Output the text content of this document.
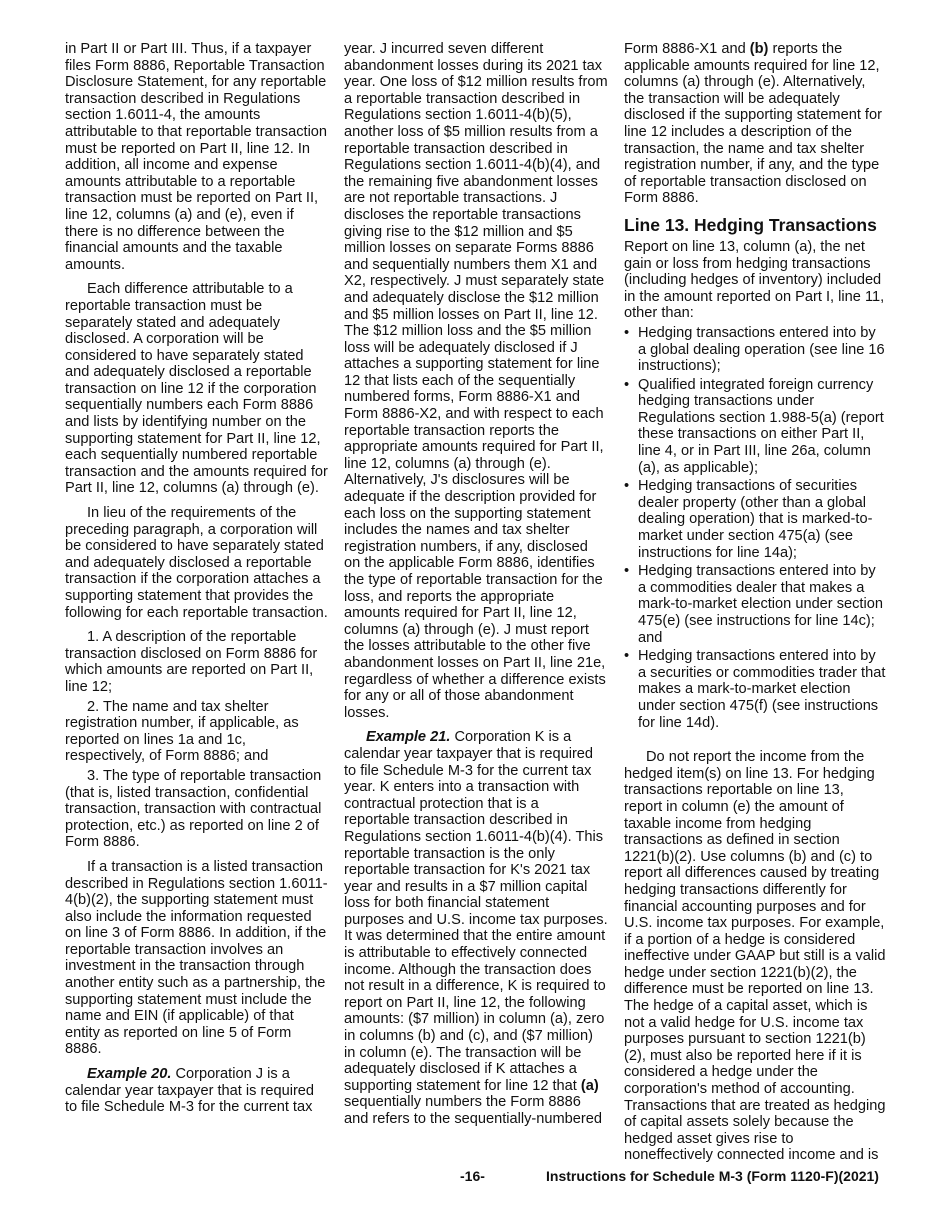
in Part II or Part III. Thus, if a taxpayer files Form 8886, Reportable Transaction Disclosure Statement, for any reportable transaction described in Regulations section 1.6011-4, the amounts attributable to that reportable transaction must be reported on Part II, line 12. In addition, all income and expense amounts attributable to a reportable transaction must be reported on Part II, line 12, columns (a) and (e), even if there is no difference between the financial amounts and the taxable amounts.

Each difference attributable to a reportable transaction must be separately stated and adequately disclosed. A corporation will be considered to have separately stated and adequately disclosed a reportable transaction on line 12 if the corporation sequentially numbers each Form 8886 and lists by identifying number on the supporting statement for Part II, line 12, each sequentially numbered reportable transaction and the amounts required for Part II, line 12, columns (a) through (e).

In lieu of the requirements of the preceding paragraph, a corporation will be considered to have separately stated and adequately disclosed a reportable transaction if the corporation attaches a supporting statement that provides the following for each reportable transaction.

1. A description of the reportable transaction disclosed on Form 8886 for which amounts are reported on Part II, line 12;

2. The name and tax shelter registration number, if applicable, as reported on lines 1a and 1c, respectively, of Form 8886; and

3. The type of reportable transaction (that is, listed transaction, confidential transaction, transaction with contractual protection, etc.) as reported on line 2 of Form 8886.

If a transaction is a listed transaction described in Regulations section 1.6011-4(b)(2), the supporting statement must also include the information requested on line 3 of Form 8886. In addition, if the reportable transaction involves an investment in the transaction through another entity such as a partnership, the supporting statement must include the name and EIN (if applicable) of that entity as reported on line 5 of Form 8886.

Example 20. Corporation J is a calendar year taxpayer that is required to file Schedule M-3 for the current tax

year. J incurred seven different abandonment losses during its 2021 tax year. One loss of $12 million results from a reportable transaction described in Regulations section 1.6011-4(b)(5), another loss of $5 million results from a reportable transaction described in Regulations section 1.6011-4(b)(4), and the remaining five abandonment losses are not reportable transactions. J discloses the reportable transactions giving rise to the $12 million and $5 million losses on separate Forms 8886 and sequentially numbers them X1 and X2, respectively. J must separately state and adequately disclose the $12 million and $5 million losses on Part II, line 12. The $12 million loss and the $5 million loss will be adequately disclosed if J attaches a supporting statement for line 12 that lists each of the sequentially numbered forms, Form 8886-X1 and Form 8886-X2, and with respect to each reportable transaction reports the appropriate amounts required for Part II, line 12, columns (a) through (e). Alternatively, J's disclosures will be adequate if the description provided for each loss on the supporting statement includes the names and tax shelter registration numbers, if any, disclosed on the applicable Form 8886, identifies the type of reportable transaction for the loss, and reports the appropriate amounts required for Part II, line 12, columns (a) through (e). J must report the losses attributable to the other five abandonment losses on Part II, line 21e, regardless of whether a difference exists for any or all of those abandonment losses.

Example 21. Corporation K is a calendar year taxpayer that is required to file Schedule M-3 for the current tax year. K enters into a transaction with contractual protection that is a reportable transaction described in Regulations section 1.6011-4(b)(4). This reportable transaction is the only reportable transaction for K's 2021 tax year and results in a $7 million capital loss for both financial statement purposes and U.S. income tax purposes. It was determined that the entire amount is attributable to effectively connected income. Although the transaction does not result in a difference, K is required to report on Part II, line 12, the following amounts: ($7 million) in column (a), zero in columns (b) and (c), and ($7 million) in column (e). The transaction will be adequately disclosed if K attaches a supporting statement for line 12 that (a) sequentially numbers the Form 8886 and refers to the sequentially-numbered

Form 8886-X1 and (b) reports the applicable amounts required for line 12, columns (a) through (e). Alternatively, the transaction will be adequately disclosed if the supporting statement for line 12 includes a description of the transaction, the name and tax shelter registration number, if any, and the type of reportable transaction disclosed on Form 8886.

Line 13. Hedging Transactions

Report on line 13, column (a), the net gain or loss from hedging transactions (including hedges of inventory) included in the amount reported on Part I, line 11, other than:

• Hedging transactions entered into by a global dealing operation (see line 16 instructions);

• Qualified integrated foreign currency hedging transactions under Regulations section 1.988-5(a) (report these transactions on either Part II, line 4, or in Part III, line 26a, column (a), as applicable);

• Hedging transactions of securities dealer property (other than a global dealing operation) that is marked-to-market under section 475(a) (see instructions for line 14a);

• Hedging transactions entered into by a commodities dealer that makes a mark-to-market election under section 475(e) (see instructions for line 14c); and

• Hedging transactions entered into by a securities or commodities trader that makes a mark-to-market election under section 475(f) (see instructions for line 14d).

Do not report the income from the hedged item(s) on line 13. For hedging transactions reportable on line 13, report in column (e) the amount of taxable income from hedging transactions as defined in section 1221(b)(2). Use columns (b) and (c) to report all differences caused by treating hedging transactions differently for financial accounting purposes and for U.S. income tax purposes. For example, if a portion of a hedge is considered ineffective under GAAP but still is a valid hedge under section 1221(b)(2), the difference must be reported on line 13. The hedge of a capital asset, which is not a valid hedge for U.S. income tax purposes pursuant to section 1221(b)(2), must also be reported here if it is considered a hedge under the corporation's method of accounting. Transactions that are treated as hedging of capital assets solely because the hedged asset gives rise to noneffectively connected income and is

-16-	Instructions for Schedule M-3 (Form 1120-F)(2021)
